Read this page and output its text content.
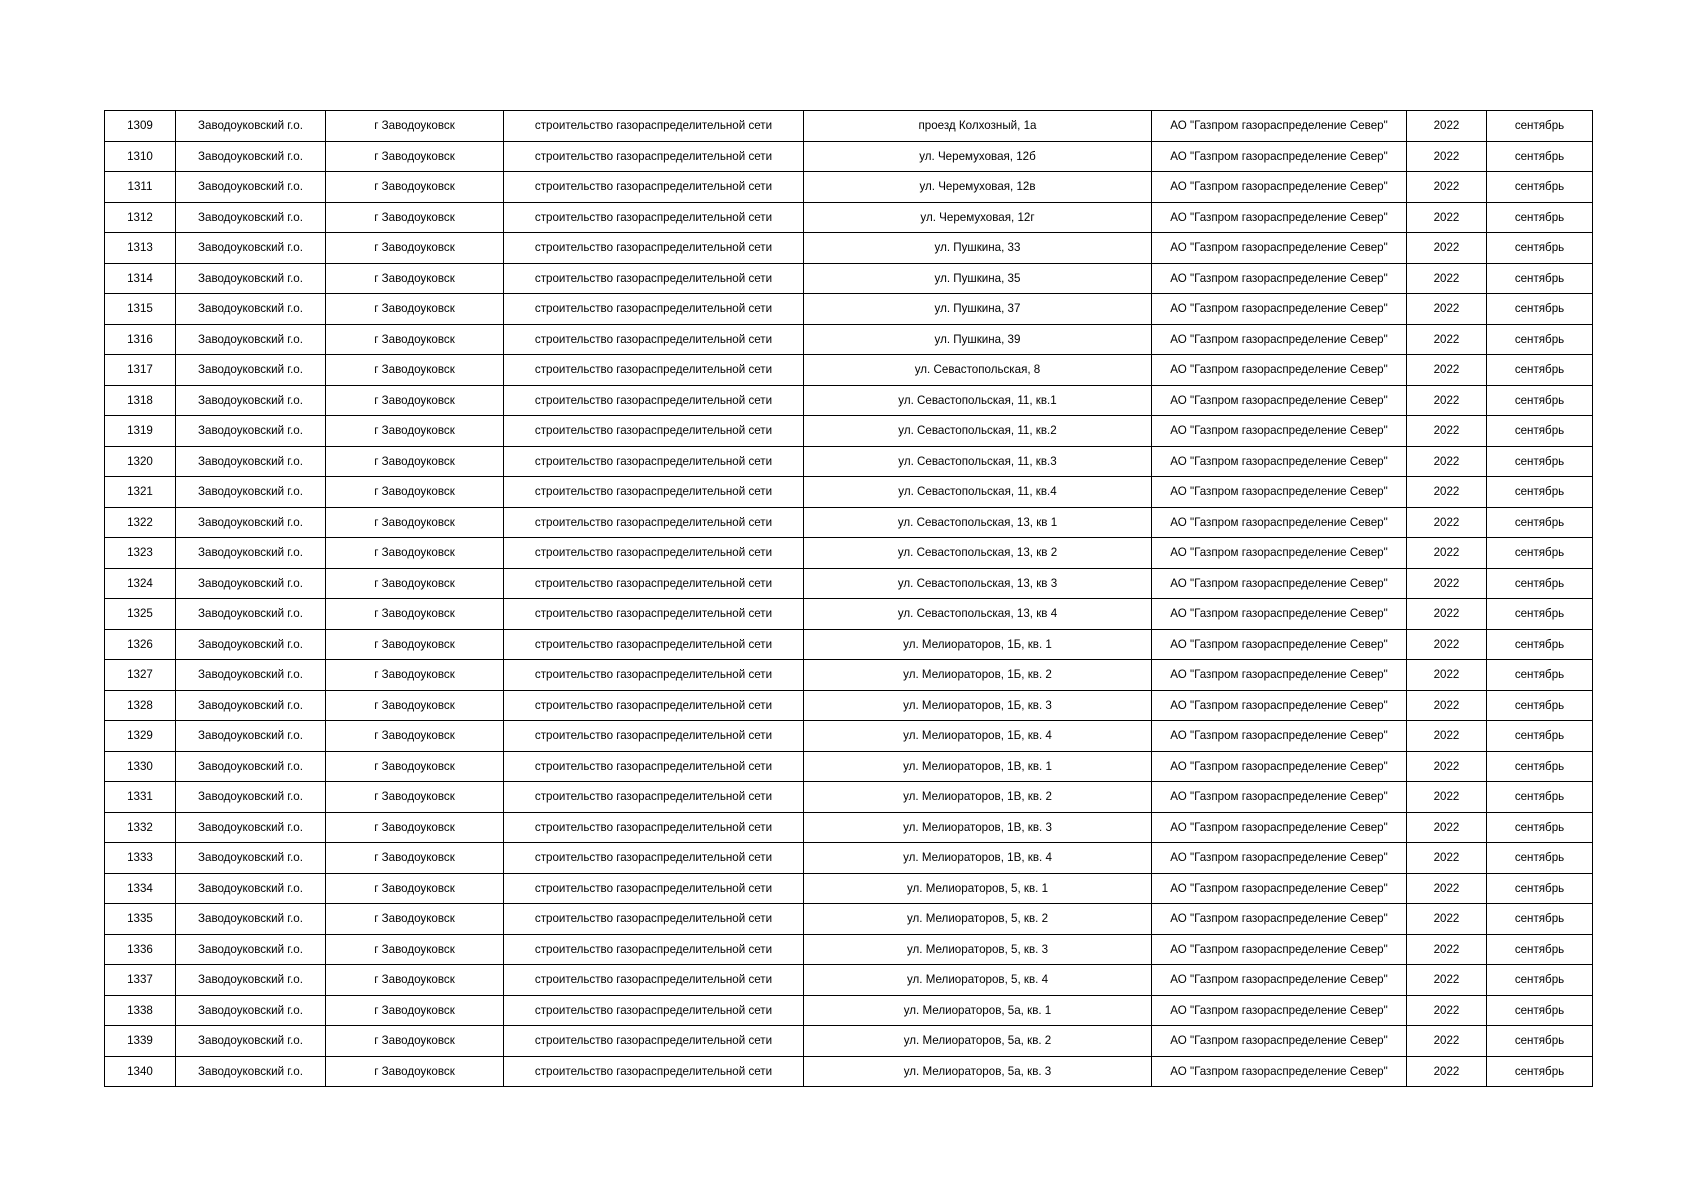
1309	Заводоуковский г.о.	г Заводоуковск	строительство газораспределительной сети	проезд Колхозный, 1а	АО "Газпром газораспределение Север"	2022	сентябрь
1310	Заводоуковский г.о.	г Заводоуковск	строительство газораспределительной сети	ул. Черемуховая, 12б	АО "Газпром газораспределение Север"	2022	сентябрь
1311	Заводоуковский г.о.	г Заводоуковск	строительство газораспределительной сети	ул. Черемуховая, 12в	АО "Газпром газораспределение Север"	2022	сентябрь
1312	Заводоуковский г.о.	г Заводоуковск	строительство газораспределительной сети	ул. Черемуховая, 12г	АО "Газпром газораспределение Север"	2022	сентябрь
1313	Заводоуковский г.о.	г Заводоуковск	строительство газораспределительной сети	ул. Пушкина, 33	АО "Газпром газораспределение Север"	2022	сентябрь
1314	Заводоуковский г.о.	г Заводоуковск	строительство газораспределительной сети	ул. Пушкина, 35	АО "Газпром газораспределение Север"	2022	сентябрь
1315	Заводоуковский г.о.	г Заводоуковск	строительство газораспределительной сети	ул. Пушкина, 37	АО "Газпром газораспределение Север"	2022	сентябрь
1316	Заводоуковский г.о.	г Заводоуковск	строительство газораспределительной сети	ул. Пушкина, 39	АО "Газпром газораспределение Север"	2022	сентябрь
1317	Заводоуковский г.о.	г Заводоуковск	строительство газораспределительной сети	ул. Севастопольская, 8	АО "Газпром газораспределение Север"	2022	сентябрь
1318	Заводоуковский г.о.	г Заводоуковск	строительство газораспределительной сети	ул. Севастопольская, 11, кв.1	АО "Газпром газораспределение Север"	2022	сентябрь
1319	Заводоуковский г.о.	г Заводоуковск	строительство газораспределительной сети	ул. Севастопольская, 11, кв.2	АО "Газпром газораспределение Север"	2022	сентябрь
1320	Заводоуковский г.о.	г Заводоуковск	строительство газораспределительной сети	ул. Севастопольская, 11, кв.3	АО "Газпром газораспределение Север"	2022	сентябрь
1321	Заводоуковский г.о.	г Заводоуковск	строительство газораспределительной сети	ул. Севастопольская, 11, кв.4	АО "Газпром газораспределение Север"	2022	сентябрь
1322	Заводоуковский г.о.	г Заводоуковск	строительство газораспределительной сети	ул. Севастопольская, 13, кв 1	АО "Газпром газораспределение Север"	2022	сентябрь
1323	Заводоуковский г.о.	г Заводоуковск	строительство газораспределительной сети	ул. Севастопольская, 13, кв 2	АО "Газпром газораспределение Север"	2022	сентябрь
1324	Заводоуковский г.о.	г Заводоуковск	строительство газораспределительной сети	ул. Севастопольская, 13, кв 3	АО "Газпром газораспределение Север"	2022	сентябрь
1325	Заводоуковский г.о.	г Заводоуковск	строительство газораспределительной сети	ул. Севастопольская, 13, кв 4	АО "Газпром газораспределение Север"	2022	сентябрь
1326	Заводоуковский г.о.	г Заводоуковск	строительство газораспределительной сети	ул. Мелиораторов, 1Б, кв. 1	АО "Газпром газораспределение Север"	2022	сентябрь
1327	Заводоуковский г.о.	г Заводоуковск	строительство газораспределительной сети	ул. Мелиораторов, 1Б, кв. 2	АО "Газпром газораспределение Север"	2022	сентябрь
1328	Заводоуковский г.о.	г Заводоуковск	строительство газораспределительной сети	ул. Мелиораторов, 1Б, кв. 3	АО "Газпром газораспределение Север"	2022	сентябрь
1329	Заводоуковский г.о.	г Заводоуковск	строительство газораспределительной сети	ул. Мелиораторов, 1Б, кв. 4	АО "Газпром газораспределение Север"	2022	сентябрь
1330	Заводоуковский г.о.	г Заводоуковск	строительство газораспределительной сети	ул. Мелиораторов, 1В, кв. 1	АО "Газпром газораспределение Север"	2022	сентябрь
1331	Заводоуковский г.о.	г Заводоуковск	строительство газораспределительной сети	ул. Мелиораторов, 1В, кв. 2	АО "Газпром газораспределение Север"	2022	сентябрь
1332	Заводоуковский г.о.	г Заводоуковск	строительство газораспределительной сети	ул. Мелиораторов, 1В, кв. 3	АО "Газпром газораспределение Север"	2022	сентябрь
1333	Заводоуковский г.о.	г Заводоуковск	строительство газораспределительной сети	ул. Мелиораторов, 1В, кв. 4	АО "Газпром газораспределение Север"	2022	сентябрь
1334	Заводоуковский г.о.	г Заводоуковск	строительство газораспределительной сети	ул. Мелиораторов, 5, кв. 1	АО "Газпром газораспределение Север"	2022	сентябрь
1335	Заводоуковский г.о.	г Заводоуковск	строительство газораспределительной сети	ул. Мелиораторов, 5, кв. 2	АО "Газпром газораспределение Север"	2022	сентябрь
1336	Заводоуковский г.о.	г Заводоуковск	строительство газораспределительной сети	ул. Мелиораторов, 5, кв. 3	АО "Газпром газораспределение Север"	2022	сентябрь
1337	Заводоуковский г.о.	г Заводоуковск	строительство газораспределительной сети	ул. Мелиораторов, 5, кв. 4	АО "Газпром газораспределение Север"	2022	сентябрь
1338	Заводоуковский г.о.	г Заводоуковск	строительство газораспределительной сети	ул. Мелиораторов, 5а, кв. 1	АО "Газпром газораспределение Север"	2022	сентябрь
1339	Заводоуковский г.о.	г Заводоуковск	строительство газораспределительной сети	ул. Мелиораторов, 5а, кв. 2	АО "Газпром газораспределение Север"	2022	сентябрь
1340	Заводоуковский г.о.	г Заводоуковск	строительство газораспределительной сети	ул. Мелиораторов, 5а, кв. 3	АО "Газпром газораспределение Север"	2022	сентябрь
